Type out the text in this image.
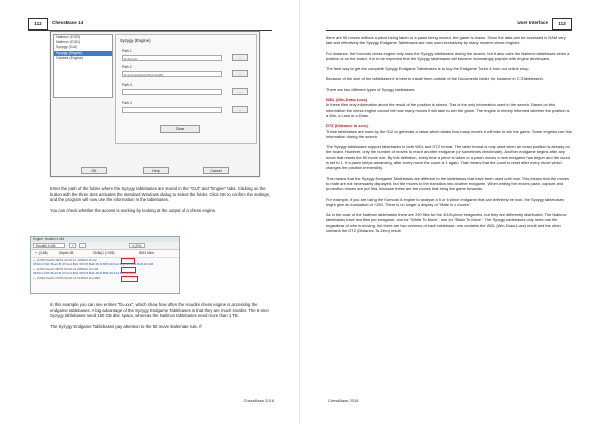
112	ChessBase 14
Nalimov (EGR)
Nalimov (EGD)
Syzygy (GUI)
Syzygy (Engine)
Gaviota (Engine)
Syzygy (Engine)
Path 1
D:\Syzygy	...
Path 2
D:\syzygy\Syzygy\Syzygy345	...
Path 3
...
Path 4
...
Clear
OK	Help	Cancel

Enter the path of the folder where the Syzygy tablebases are stored in the "GUI" and "Engine" tabs. Clicking on the button with the three dots activates the standard Windows dialog to select the folder. Click OK to confirm the settings, and the program will now use the information in the tablebases.

You can check whether the access is working by looking at the output of a chess engine.

Engine: Houdini 4 x64
Houdini 4 x64	+	-	4 (2%)
+- (3.88)	Depth=39	25:8k(1 (+335)	8921 kN/s
+- (3.88) Depth=29/51 00:00:12 1038kN tb=22
35.Rc1 Kb6 36.a4 f5 37.Ke4 Bd1 38.Kf3 Ba6 39.f4 Bb5 40.Ke3 Bg4 41.Rb1 Bc8 42.Kd3
+- (3.88) Depth=30/51 00:00:16 2050kN tb=104
35.Rc1 Kb6 36.a4 f5 37.Ke4 Bd1 38.Kf3 Ba6 39.f4 Bb5 40.Ke3 Bg4 41.Rb1
+- (3.88) Depth=31/55 00:00:21 5198kN tb=1288

In this example you can see entries "tb=xxx", which show how often the Houdini chess engine is accessing the endgame tablebases. A big advantage of the Syzygy Endgame Tablebases is that they are much smaller. The 6-men Syzygy tablebases need 150 GB disc space, whereas the Nalimov tablebases need more than 1 TB.

The Syzygy Endgame Tablebases pay attention to the 50 move stalemate rule. If

ChessBase 2016
User Interface	113

there are 50 moves without a piece being taken or a pawn being moved, the game is drawn. Since the data can be accessed in RAM very fast and effectively the Syzygy Endgame Tablebases are now used exclusively by many modern chess engines.

For instance, the Komodo chess engine only uses the Syzygy tablebases during the search, but it also uses the Nalimov tablebases when a position is on the board. It is to be expected that the Syzygy tablebases will become increasingly popular with engine developers.

The best way to get the complete Syzygy Endgame Tablebases is to buy the Endgame Turbo 4 from our online shop.

Because of the size of the tablebases it is best to install them outside of the Documents folder, for instance in C:\Tablebases\.

There are two different types of Syzygy tablebases.

WDL (Win-Draw-Loss)

In these files only information about the result of the position is stored. This is the only information used in the search. Based on this information the chess engine cannot tell how many moves it will take to win the game. The engine is merely informed whether the position is a Win, a Loss or a Draw.

DTZ (Distance to zero).

These tablebases are used by the GUI to generate a value which states how many moves it will take to win the game. Some engines use this information during the search.

The Syzygy tablebases support tablebases in both WDL and DTZ format. The latter format is only used when an exact position is already on the board. However, only the number of moves to reach another endgame (or sometimes checkmate). Another endgame begins after any move that resets the 50 move rule. By this definition, every time a piece is taken or a pawn moves a new endgame has begun and the count is set to 1. If a pawn keeps advancing, after every move the count is 1 again. That means that the count is reset after every move which changes the position irreversibly.

This means that the Syzygy Endgame Tablebases are different to the tablebases that have been used until now. This means that the moves to mate are not necessarily displayed, but the moves to the transition into another endgame. When writing the moves pawn, capture and promotion moves are put first, because these are the moves that bring the game forwards.

For example, if you are using the Komodo 8 engine to analyse a 5 or 6 piece endgame that can definitely be won, the Syzygy tablebases might give an evaluation of +250. There is no longer a display of "Mate in x moves".

As in the case of the Nalimov tablebases there are 290 files for the 3/4/5-piece endgames, but they are differently distributed. The Nalimov tablebases have two files per endgame, one for "White To Move", one for "Black To Move". The Syzygy tablebases only need one file, regardless of who is moving, but there are two versions of each tablebase: one contains the WDL (Win-Draw-Loss) result and the other contains the DTZ (Distance-To-Zero) result.

ChessBase 2016
